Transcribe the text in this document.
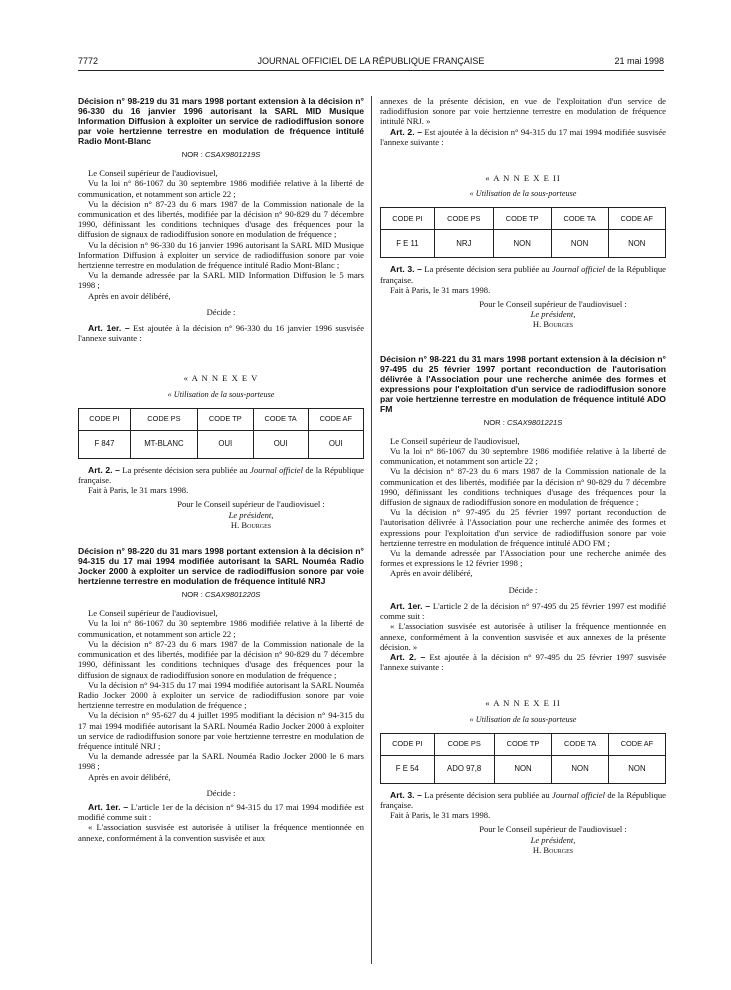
7772	JOURNAL OFFICIEL DE LA RÉPUBLIQUE FRANÇAISE	21 mai 1998

Décision n° 98-219 du 31 mars 1998 portant extension à la décision n° 96-330 du 16 janvier 1996 autorisant la SARL MID Musique Information Diffusion à exploiter un service de radiodiffusion sonore par voie hertzienne terrestre en modulation de fréquence intitulé Radio Mont-Blanc

NOR : CSAX9801219S

Le Conseil supérieur de l'audiovisuel,

Vu la loi n° 86-1067 du 30 septembre 1986 modifiée relative à la liberté de communication, et notamment son article 22 ;

Vu la décision n° 87-23 du 6 mars 1987 de la Commission nationale de la communication et des libertés, modifiée par la décision n° 90-829 du 7 décembre 1990, définissant les conditions techniques d'usage des fréquences pour la diffusion de signaux de radiodiffusion sonore en modulation de fréquence ;

Vu la décision n° 96-330 du 16 janvier 1996 autorisant la SARL MID Musique Information Diffusion à exploiter un service de radiodiffusion sonore par voie hertzienne terrestre en modulation de fréquence intitulé Radio Mont-Blanc ;

Vu la demande adressée par la SARL MID Information Diffusion le 5 mars 1998 ;

Après en avoir délibéré,

Décide :

Art. 1er. – Est ajoutée à la décision n° 96-330 du 16 janvier 1996 susvisée l'annexe suivante :

« A N N E X E V
« Utilisation de la sous-porteuse
CODE PI	CODE PS	CODE TP	CODE TA	CODE AF
F 847	MT-BLANC	OUI	OUI	OUI

Art. 2. – La présente décision sera publiée au Journal officiel de la République française.

Fait à Paris, le 31 mars 1998.

Pour le Conseil supérieur de l'audiovisuel :
Le président,
H. Bourges

Décision n° 98-220 du 31 mars 1998 portant extension à la décision n° 94-315 du 17 mai 1994 modifiée autorisant la SARL Nouméa Radio Jocker 2000 à exploiter un service de radiodiffusion sonore par voie hertzienne terrestre en modulation de fréquence intitulé NRJ

NOR : CSAX9801220S

Le Conseil supérieur de l'audiovisuel,

Vu la loi n° 86-1067 du 30 septembre 1986 modifiée relative à la liberté de communication, et notamment son article 22 ;

Vu la décision n° 87-23 du 6 mars 1987 de la Commission nationale de la communication et des libertés, modifiée par la décision n° 90-829 du 7 décembre 1990, définissant les conditions techniques d'usage des fréquences pour la diffusion de signaux de radiodiffusion sonore en modulation de fréquence ;

Vu la décision n° 94-315 du 17 mai 1994 modifiée autorisant la SARL Nouméa Radio Jocker 2000 à exploiter un service de radiodiffusion sonore par voie hertzienne terrestre en modulation de fréquence ;

Vu la décision n° 95-627 du 4 juillet 1995 modifiant la décision n° 94-315 du 17 mai 1994 modifiée autorisant la SARL Nouméa Radio Jocker 2000 à exploiter un service de radiodiffusion sonore par voie hertzienne terrestre en modulation de fréquence intitulé NRJ ;

Vu la demande adressée par la SARL Nouméa Radio Jocker 2000 le 6 mars 1998 ;

Après en avoir délibéré,

Décide :

Art. 1er. – L'article 1er de la décision n° 94-315 du 17 mai 1994 modifiée est modifié comme suit :

« L'association susvisée est autorisée à utiliser la fréquence mentionnée en annexe, conformément à la convention susvisée et aux

annexes de la présente décision, en vue de l'exploitation d'un service de radiodiffusion sonore par voie hertzienne terrestre en modulation de fréquence intitulé NRJ. »

Art. 2. – Est ajoutée à la décision n° 94-315 du 17 mai 1994 modifiée susvisée l'annexe suivante :

« A N N E X E II
« Utilisation de la sous-porteuse
CODE PI	CODE PS	CODE TP	CODE TA	CODE AF
F E 11	NRJ	NON	NON	NON

Art. 3. – La présente décision sera publiée au Journal officiel de la République française.

Fait à Paris, le 31 mars 1998.

Pour le Conseil supérieur de l'audiovisuel :
Le président,
H. Bourges

Décision n° 98-221 du 31 mars 1998 portant extension à la décision n° 97-495 du 25 février 1997 portant reconduction de l'autorisation délivrée à l'Association pour une recherche animée des formes et expressions pour l'exploitation d'un service de radiodiffusion sonore par voie hertzienne terrestre en modulation de fréquence intitulé ADO FM

NOR : CSAX9801221S

Le Conseil supérieur de l'audiovisuel,

Vu la loi n° 86-1067 du 30 septembre 1986 modifiée relative à la liberté de communication, et notamment son article 22 ;

Vu la décision n° 87-23 du 6 mars 1987 de la Commission nationale de la communication et des libertés, modifiée par la décision n° 90-829 du 7 décembre 1990, définissant les conditions techniques d'usage des fréquences pour la diffusion de signaux de radiodiffusion sonore en modulation de fréquence ;

Vu la décision n° 97-495 du 25 février 1997 portant reconduction de l'autorisation délivrée à l'Association pour une recherche animée des formes et expressions pour l'exploitation d'un service de radiodiffusion sonore par voie hertzienne terrestre en modulation de fréquence intitulé ADO FM ;

Vu la demande adressée par l'Association pour une recherche animée des formes et expressions le 12 février 1998 ;

Après en avoir délibéré,

Décide :

Art. 1er. – L'article 2 de la décision n° 97-495 du 25 février 1997 est modifié comme suit :

« L'association susvisée est autorisée à utiliser la fréquence mentionnée en annexe, conformément à la convention susvisée et aux annexes de la présente décision. »

Art. 2. – Est ajoutée à la décision n° 97-495 du 25 février 1997 susvisée l'annexe suivante :

« A N N E X E II
« Utilisation de la sous-porteuse
CODE PI	CODE PS	CODE TP	CODE TA	CODE AF
F E 54	ADO 97,8	NON	NON	NON

Art. 3. – La présente décision sera publiée au Journal officiel de la République française.

Fait à Paris, le 31 mars 1998.

Pour le Conseil supérieur de l'audiovisuel :
Le président,
H. Bourges
